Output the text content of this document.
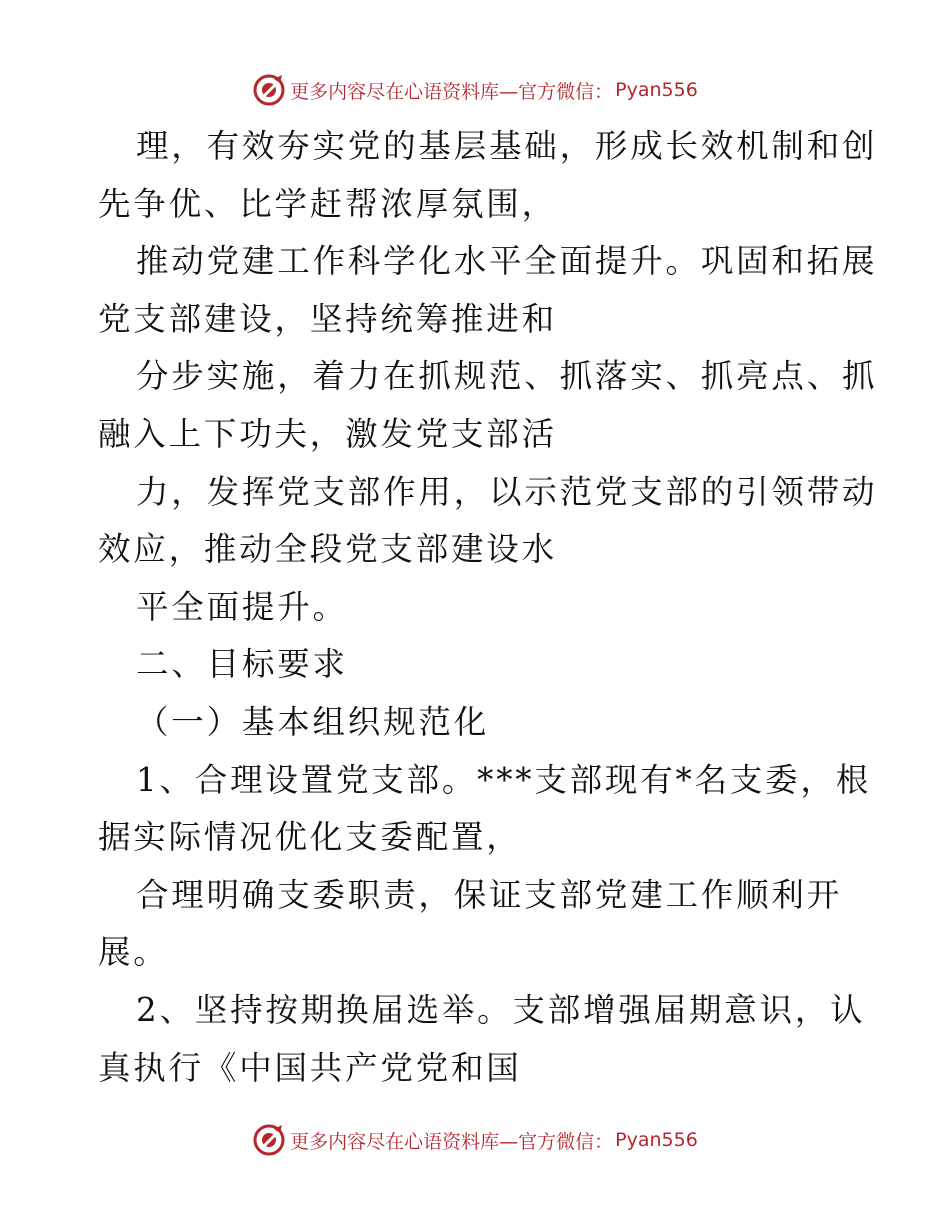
更多内容尽在心语资料库—官方微信： Pyan556
理，有效夯实党的基层基础，形成长效机制和创
先争优、比学赶帮浓厚氛围，
推动党建工作科学化水平全面提升。巩固和拓展
党支部建设，坚持统筹推进和
分步实施，着力在抓规范、抓落实、抓亮点、抓
融入上下功夫，激发党支部活
力，发挥党支部作用，以示范党支部的引领带动
效应，推动全段党支部建设水
平全面提升。
二、目标要求
（一）基本组织规范化
1、合理设置党支部。***支部现有*名支委，根
据实际情况优化支委配置，
合理明确支委职责，保证支部党建工作顺利开
展。
2、坚持按期换届选举。支部增强届期意识，认
真执行《中国共产党党和国
更多内容尽在心语资料库—官方微信： Pyan556
